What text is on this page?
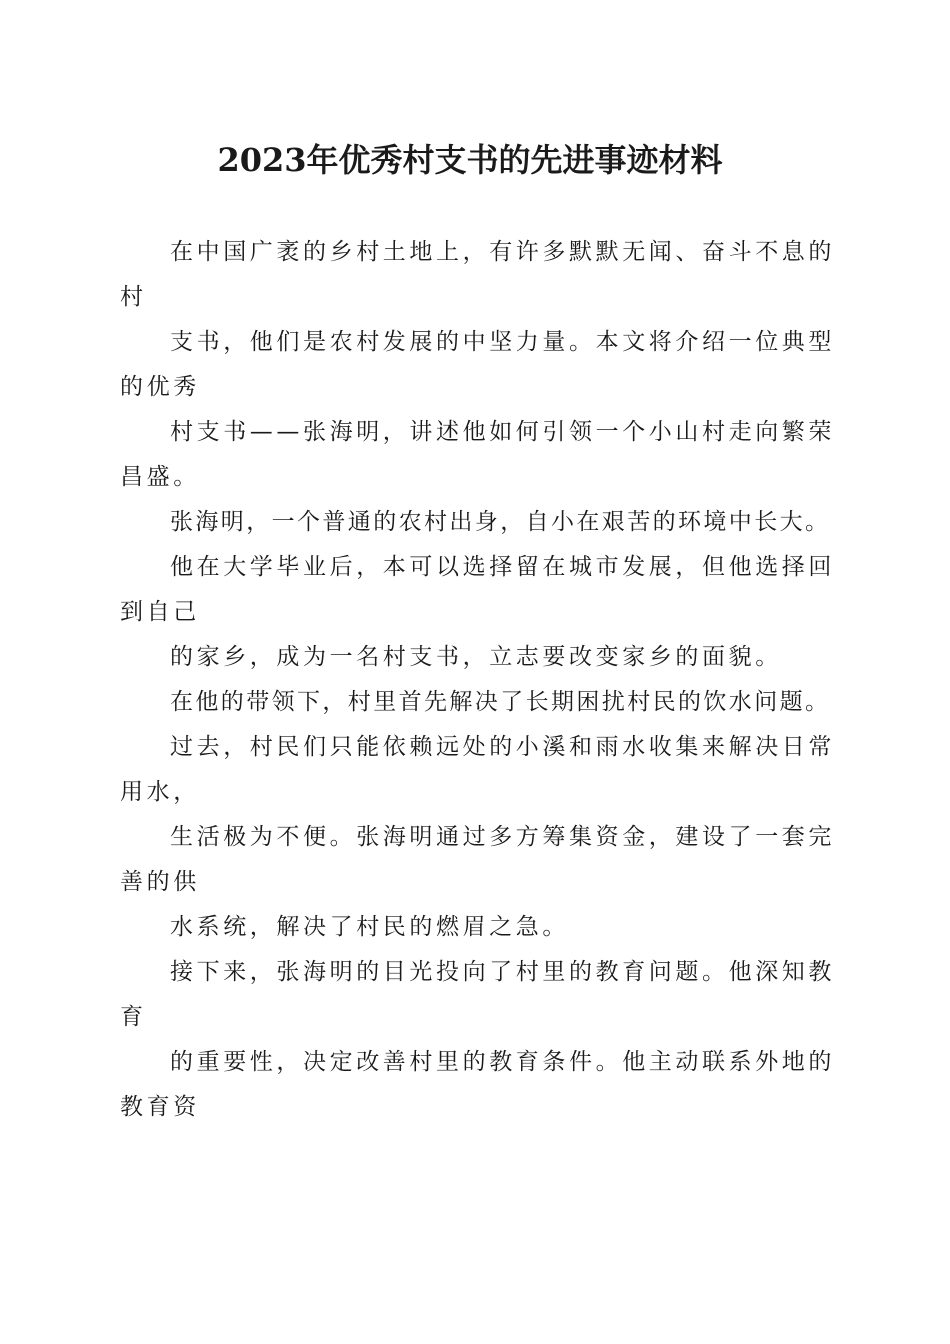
2023年优秀村支书的先进事迹材料
在中国广袤的乡村土地上，有许多默默无闻、奋斗不息的
村
支书，他们是农村发展的中坚力量。本文将介绍一位典型
的优秀
村支书——张海明，讲述他如何引领一个小山村走向繁荣
昌盛。
张海明，一个普通的农村出身，自小在艰苦的环境中长大。
他在大学毕业后，本可以选择留在城市发展，但他选择回
到自己
的家乡，成为一名村支书，立志要改变家乡的面貌。
在他的带领下，村里首先解决了长期困扰村民的饮水问题。
过去，村民们只能依赖远处的小溪和雨水收集来解决日常
用水，
生活极为不便。张海明通过多方筹集资金，建设了一套完
善的供
水系统，解决了村民的燃眉之急。
接下来，张海明的目光投向了村里的教育问题。他深知教
育
的重要性，决定改善村里的教育条件。他主动联系外地的
教育资
